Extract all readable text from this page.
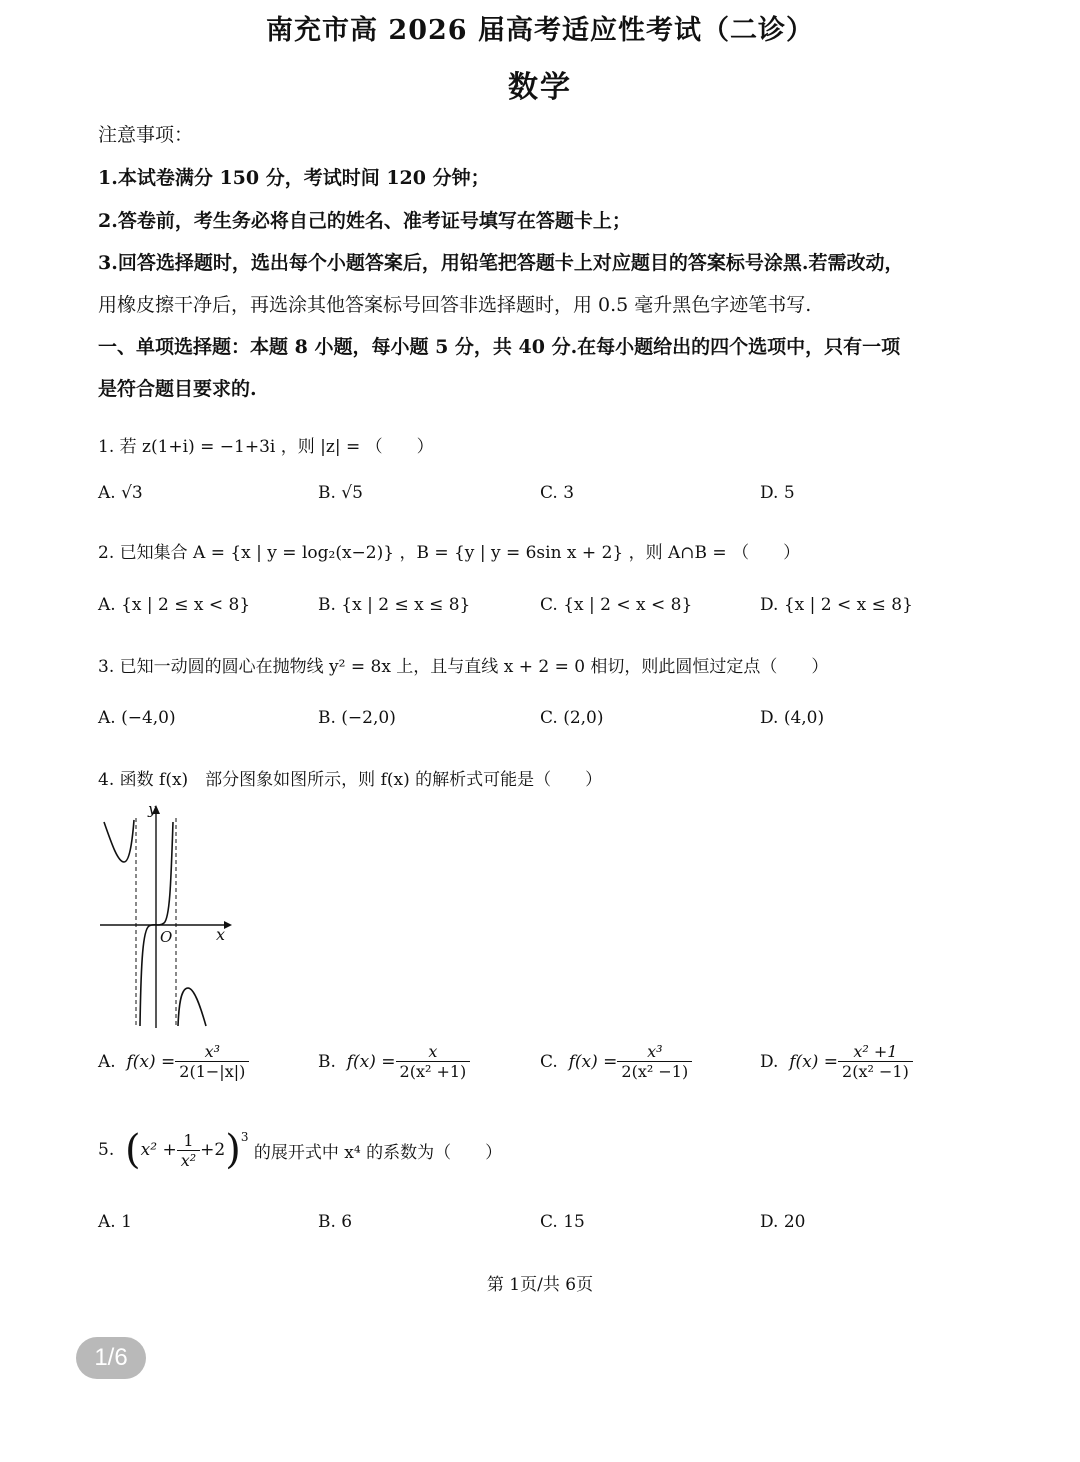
南充市高 2026 届高考适应性考试（二诊）
数学
注意事项：
1.本试卷满分 150 分，考试时间 120 分钟；
2.答卷前，考生务必将自己的姓名、准考证号填写在答题卡上；
3.回答选择题时，选出每个小题答案后，用铅笔把答题卡上对应题目的答案标号涂黑.若需改动，
用橡皮擦干净后，再选涂其他答案标号回答非选择题时，用 0.5 毫升黑色字迹笔书写.
一、单项选择题：本题 8 小题，每小题 5 分，共 40 分.在每小题给出的四个选项中，只有一项
是符合题目要求的.
1. 若 z(1+i) = −1+3i ，则 |z| = （　　）
A. √3	B. √5	C. 3	D. 5
2. 已知集合 A = {x | y = log₂(x−2)} ，B = {y | y = 6sin x + 2} ，则 A∩B = （　　）
A. {x | 2 ≤ x < 8}	B. {x | 2 ≤ x ≤ 8}	C. {x | 2 < x < 8}	D. {x | 2 < x ≤ 8}
3. 已知一动圆的圆心在抛物线 y² = 8x 上，且与直线 x + 2 = 0 相切，则此圆恒过定点（　　）
A. (−4,0)	B. (−2,0)	C. (2,0)	D. (4,0)
4. 函数 f(x)　部分图象如图所示，则 f(x) 的解析式可能是（　　）
y
x
O
A.
$f(x) = \frac{\text{x³}}{2(1-|x|)}$	B.
$f(x) = \frac{x}{\text{2(x² +1)}}$	C.
$f(x) = \frac{\text{x³}}{\text{2(x² −1)}}$	D.
$f(x) = \frac{\text{x² +1}}{\text{2(x² −1)}}$
5.
( $x^2 + \frac{1}{\text{x²}} +2$ ) 3

的展开式中 x⁴ 的系数为（　　）
A. 1	B. 6	C. 15	D. 20
第 1页/共 6页
1/6
